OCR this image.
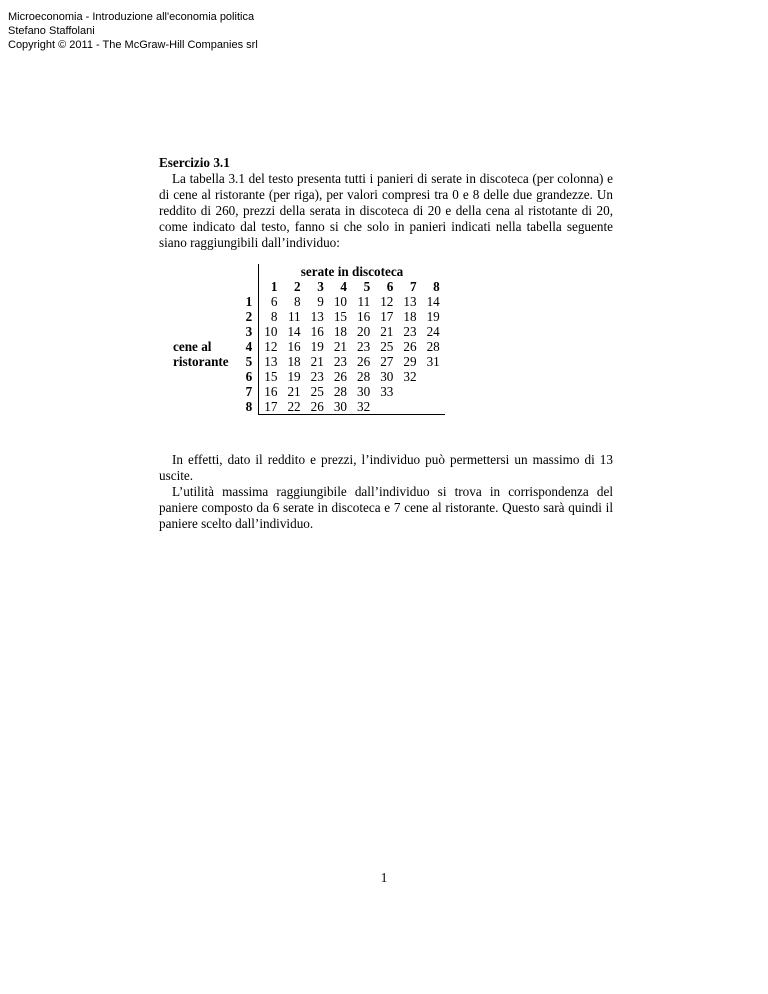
Microeconomia - Introduzione all'economia politica
Stefano Staffolani
Copyright © 2011 - The McGraw-Hill Companies srl
Esercizio 3.1
La tabella 3.1 del testo presenta tutti i panieri di serate in discoteca (per colonna) e di cene al ristorante (per riga), per valori compresi tra 0 e 8 delle due grandezze. Un reddito di 260, prezzi della serata in discoteca di 20 e della cena al ristotante di 20, come indicato dal testo, fanno si che solo in panieri indicati nella tabella seguente siano raggiungibili dall’individuo:
		serate in discoteca							
		1	2	3	4	5	6	7	8
	1	6	8	9	10	11	12	13	14
	2	8	11	13	15	16	17	18	19
	3	10	14	16	18	20	21	23	24
cene al	4	12	16	19	21	23	25	26	28
ristorante	5	13	18	21	23	26	27	29	31
	6	15	19	23	26	28	30	32	
	7	16	21	25	28	30	33		
	8	17	22	26	30	32			
In effetti, dato il reddito e prezzi, l’individuo può permettersi un massimo di 13 uscite.
L’utilità massima raggiungibile dall’individuo si trova in corrispondenza del paniere composto da 6 serate in discoteca e 7 cene al ristorante. Questo sarà quindi il paniere scelto dall’individuo.
1
